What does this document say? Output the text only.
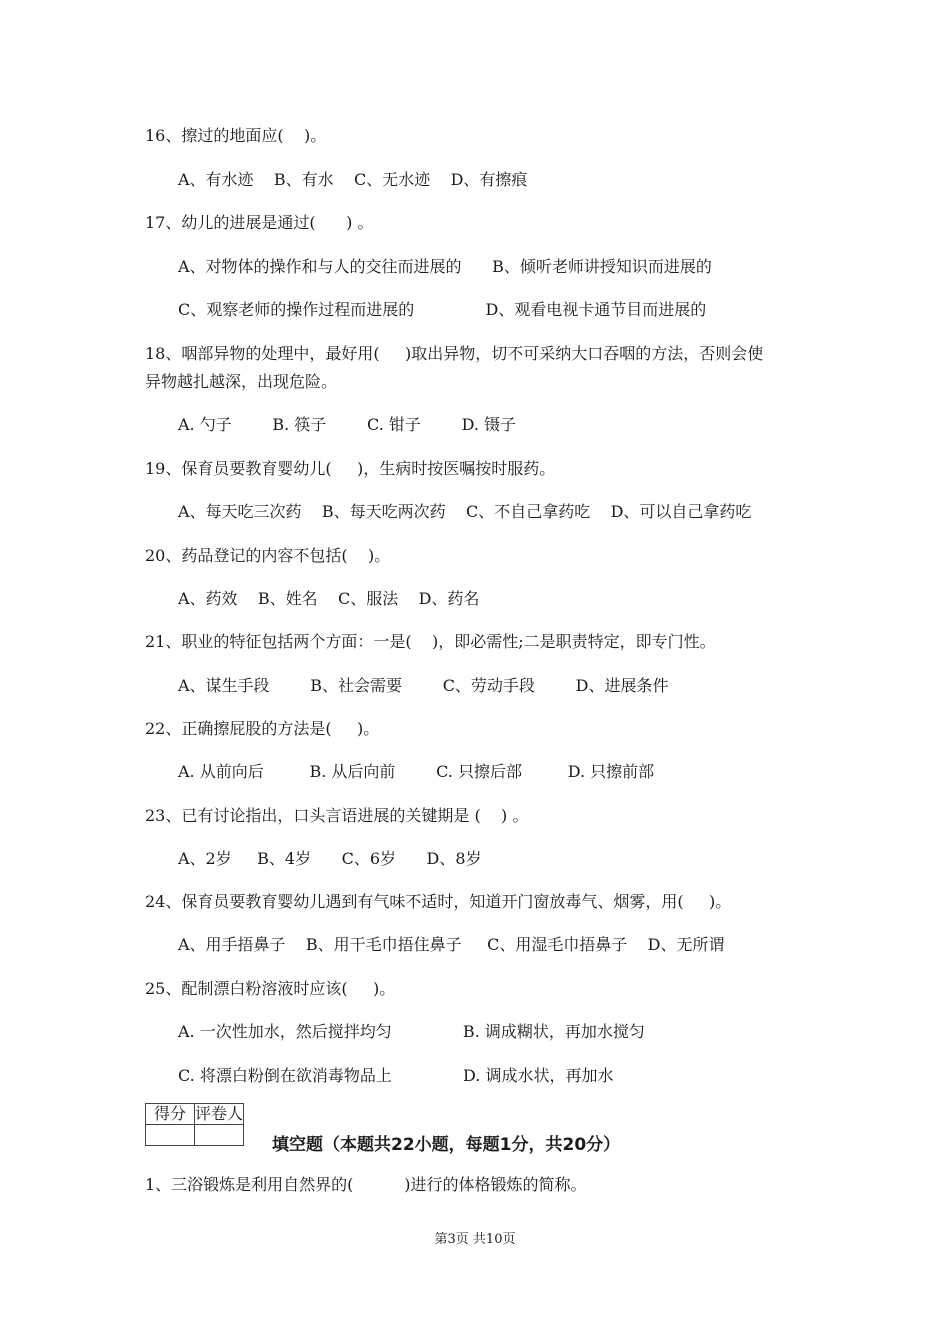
16、擦过的地面应(    )。
A、有水迹    B、有水    C、无水迹    D、有擦痕
17、幼儿的进展是通过(      ) 。
A、对物体的操作和与人的交往而进展的      B、倾听老师讲授知识而进展的
C、观察老师的操作过程而进展的              D、观看电视卡通节目而进展的
18、咽部异物的处理中，最好用(     )取出异物，切不可采纳大口吞咽的方法，否则会使
异物越扎越深，出现危险。
A. 勺子        B. 筷子        C. 钳子        D. 镊子
19、保育员要教育婴幼儿(     )，生病时按医嘱按时服药。
A、每天吃三次药    B、每天吃两次药    C、不自己拿药吃    D、可以自己拿药吃
20、药品登记的内容不包括(    )。
A、药效    B、姓名    C、服法    D、药名
21、职业的特征包括两个方面：一是(    )，即必需性;二是职责特定，即专门性。
A、谋生手段        B、社会需要        C、劳动手段        D、进展条件
22、正确擦屁股的方法是(     )。
A. 从前向后         B. 从后向前        C. 只擦后部         D. 只擦前部
23、已有讨论指出，口头言语进展的关键期是 (    ) 。
A、2岁     B、4岁      C、6岁      D、8岁
24、保育员要教育婴幼儿遇到有气味不适时，知道开门窗放毒气、烟雾，用(     )。
A、用手捂鼻子    B、用干毛巾捂住鼻子     C、用湿毛巾捂鼻子    D、无所谓
25、配制漂白粉溶液时应该(     )。
A. 一次性加水，然后搅拌均匀              B. 调成糊状，再加水搅匀
C. 将漂白粉倒在欲消毒物品上              D. 调成水状，再加水
得分	评卷人

填空题（本题共22小题，每题1分，共20分）
1、三浴锻炼是利用自然界的(          )进行的体格锻炼的简称。
第3页 共10页
